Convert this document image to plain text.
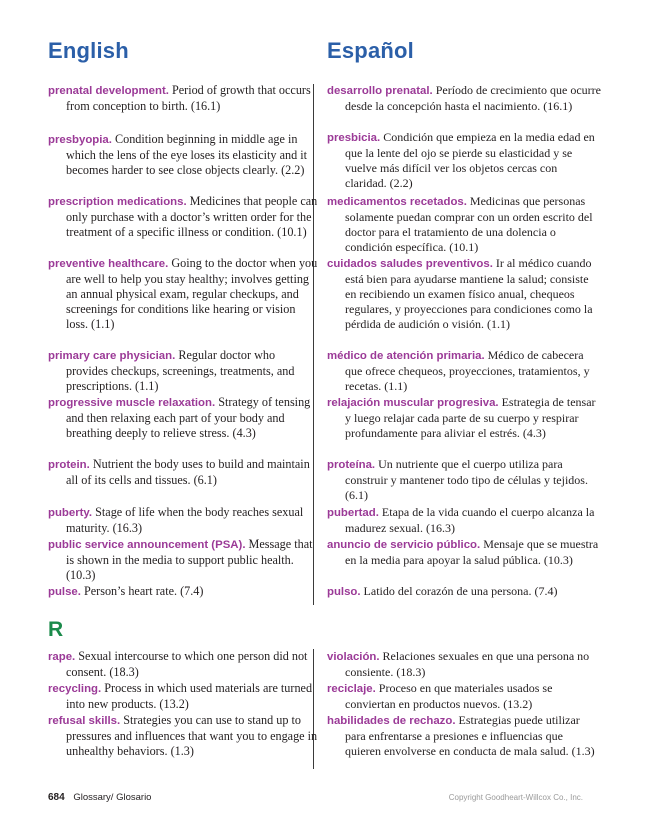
English	Español
R

prenatal development. Period of growth that occurs from conception to birth. (16.1)

presbyopia. Condition beginning in middle age in which the lens of the eye loses its elasticity and it becomes harder to see close objects clearly. (2.2)

prescription medications. Medicines that people can only purchase with a doctor’s written order for the treatment of a specific illness or condition. (10.1)

preventive healthcare. Going to the doctor when you are well to help you stay healthy; involves getting an annual physical exam, regular checkups, and screenings for conditions like hearing or vision loss. (1.1)

primary care physician. Regular doctor who provides checkups, screenings, treatments, and prescriptions. (1.1)

progressive muscle relaxation. Strategy of tensing and then relaxing each part of your body and breathing deeply to relieve stress. (4.3)

protein. Nutrient the body uses to build and maintain all of its cells and tissues. (6.1)

puberty. Stage of life when the body reaches sexual maturity. (16.3)

public service announcement (PSA). Message that is shown in the media to support public health. (10.3)

pulse. Person’s heart rate. (7.4)

rape. Sexual intercourse to which one person did not consent. (18.3)

recycling. Process in which used materials are turned into new products. (13.2)

refusal skills. Strategies you can use to stand up to pressures and influences that want you to engage in unhealthy behaviors. (1.3)

desarrollo prenatal. Período de crecimiento que ocurre desde la concepción hasta el nacimiento. (16.1)

presbicia. Condición que empieza en la media edad en que la lente del ojo se pierde su elasticidad y se vuelve más difícil ver los objetos cercas con claridad. (2.2)

medicamentos recetados. Medicinas que personas solamente puedan comprar con un orden escrito del doctor para el tratamiento de una dolencia o condición específica. (10.1)

cuidados saludes preventivos. Ir al médico cuando está bien para ayudarse mantiene la salud; consiste en recibiendo un examen físico anual, chequeos regulares, y proyecciones para condiciones como la pérdida de audición o visión. (1.1)

médico de atención primaria. Médico de cabecera que ofrece chequeos, proyecciones, tratamientos, y recetas. (1.1)

relajación muscular progresiva. Estrategia de tensar y luego relajar cada parte de su cuerpo y respirar profundamente para aliviar el estrés. (4.3)

proteína. Un nutriente que el cuerpo utiliza para construir y mantener todo tipo de células y tejidos. (6.1)

pubertad. Etapa de la vida cuando el cuerpo alcanza la madurez sexual. (16.3)

anuncio de servicio público. Mensaje que se muestra en la media para apoyar la salud pública. (10.3)

pulso. Latido del corazón de una persona. (7.4)

violación. Relaciones sexuales en que una persona no consiente. (18.3)

reciclaje. Proceso en que materiales usados se conviertan en productos nuevos. (13.2)

habilidades de rechazo. Estrategias puede utilizar para enfrentarse a presiones e influencias que quieren envolverse en conducta de mala salud. (1.3)

684 Glossary/ Glosario	Copyright Goodheart-Willcox Co., Inc.
